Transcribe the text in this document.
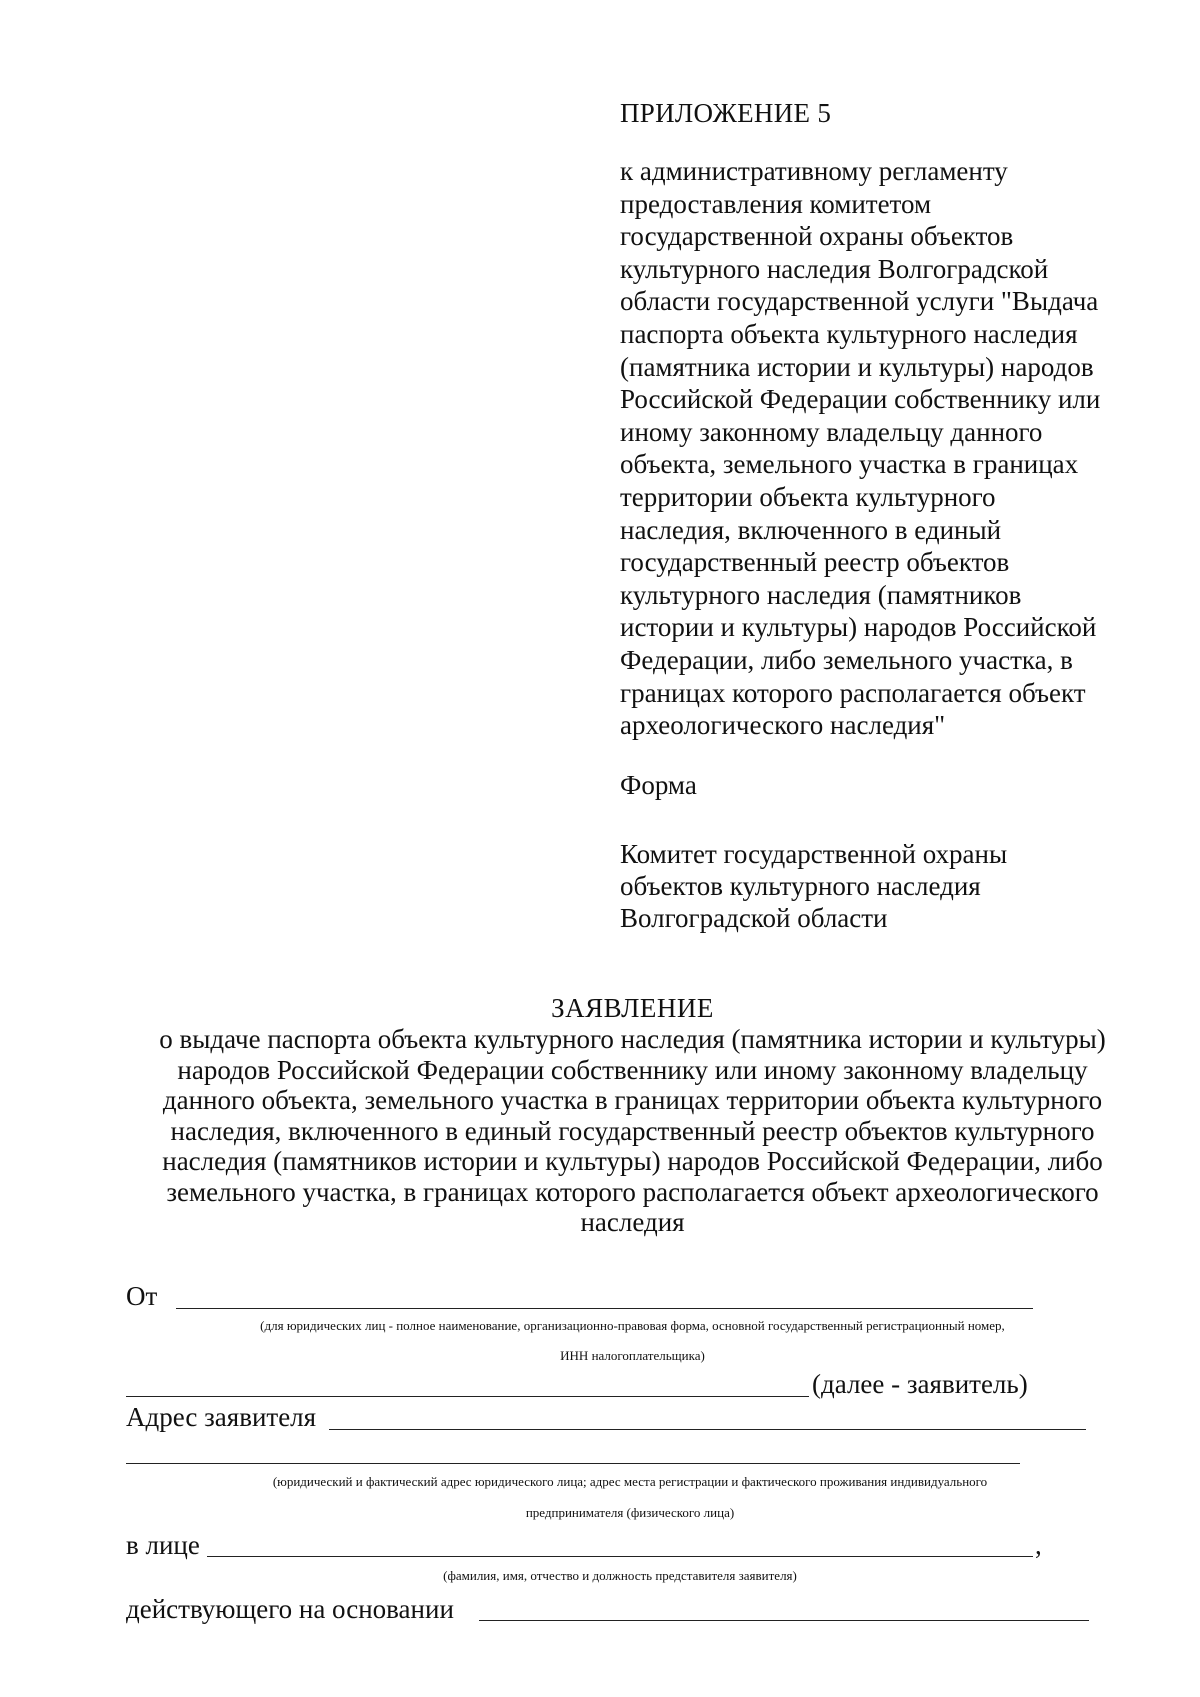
ПРИЛОЖЕНИЕ 5
к административному регламенту
предоставления комитетом
государственной охраны объектов
культурного наследия Волгоградской
области государственной услуги "Выдача
паспорта объекта культурного наследия
(памятника истории и культуры) народов
Российской Федерации собственнику или
иному законному владельцу данного
объекта, земельного участка в границах
территории объекта культурного
наследия, включенного в единый
государственный реестр объектов
культурного наследия (памятников
истории и культуры) народов Российской
Федерации, либо земельного участка, в
границах которого располагается объект
археологического наследия"
Форма
Комитет государственной охраны
объектов культурного наследия
Волгоградской области
ЗАЯВЛЕНИЕ
о выдаче паспорта объекта культурного наследия (памятника истории и культуры)
народов Российской Федерации собственнику или иному законному владельцу
данного объекта, земельного участка в границах территории объекта культурного
наследия, включенного в единый государственный реестр объектов культурного
наследия (памятников истории и культуры) народов Российской Федерации, либо
земельного участка, в границах которого располагается объект археологического
наследия
От
(для юридических лиц - полное наименование, организационно-правовая форма, основной государственный регистрационный номер,
ИНН налогоплательщика)
(далее - заявитель)
Адрес заявителя
(юридический и фактический адрес юридического лица; адрес места регистрации и фактического проживания индивидуального
предпринимателя (физического лица)
в лице	,
(фамилия, имя, отчество и должность представителя заявителя)
действующего на основании
